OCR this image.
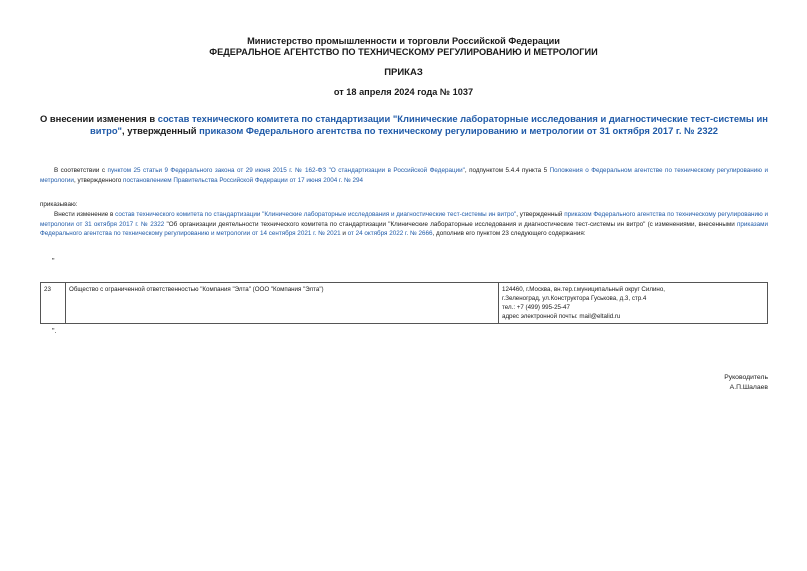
Министерство промышленности и торговли Российской Федерации
ФЕДЕРАЛЬНОЕ АГЕНТСТВО ПО ТЕХНИЧЕСКОМУ РЕГУЛИРОВАНИЮ И МЕТРОЛОГИИ
ПРИКАЗ
от 18 апреля 2024 года № 1037
О внесении изменения в состав технического комитета по стандартизации "Клинические лабораторные исследования и диагностические тест-системы ин витро", утвержденный приказом Федерального агентства по техническому регулированию и метрологии от 31 октября 2017 г. № 2322
В соответствии с пунктом 25 статьи 9 Федерального закона от 29 июня 2015 г. № 162-ФЗ "О стандартизации в Российской Федерации", подпунктом 5.4.4 пункта 5 Положения о Федеральном агентстве по техническому регулированию и метрологии, утвержденного постановлением Правительства Российской Федерации от 17 июня 2004 г. № 294
приказываю:
Внести изменение в состав технического комитета по стандартизации "Клинические лабораторные исследования и диагностические тест-системы ин витро", утвержденный приказом Федерального агентства по техническому регулированию и метрологии от 31 октября 2017 г. № 2322 "Об организации деятельности технического комитета по стандартизации "Клинические лабораторные исследования и диагностические тест-системы ин витро" (с изменениями, внесенными приказами Федерального агентства по техническому регулированию и метрологии от 14 сентября 2021 г. № 2021 и от 24 октября 2022 г. № 2666, дополнив его пунктом 23 следующего содержания:
"
23	Общество с ограниченной ответственностью "Компания "Элта" (ООО "Компания "Элта")	124460, г.Москва, вн.тер.г.муниципальный округ Силино,
г.Зеленоград, ул.Конструктора Гуськова, д.3, стр.4
тел.: +7 (499) 995-25-47
адрес электронной почты: mail@eltalid.ru
".
Руководитель
А.П.Шалаев
